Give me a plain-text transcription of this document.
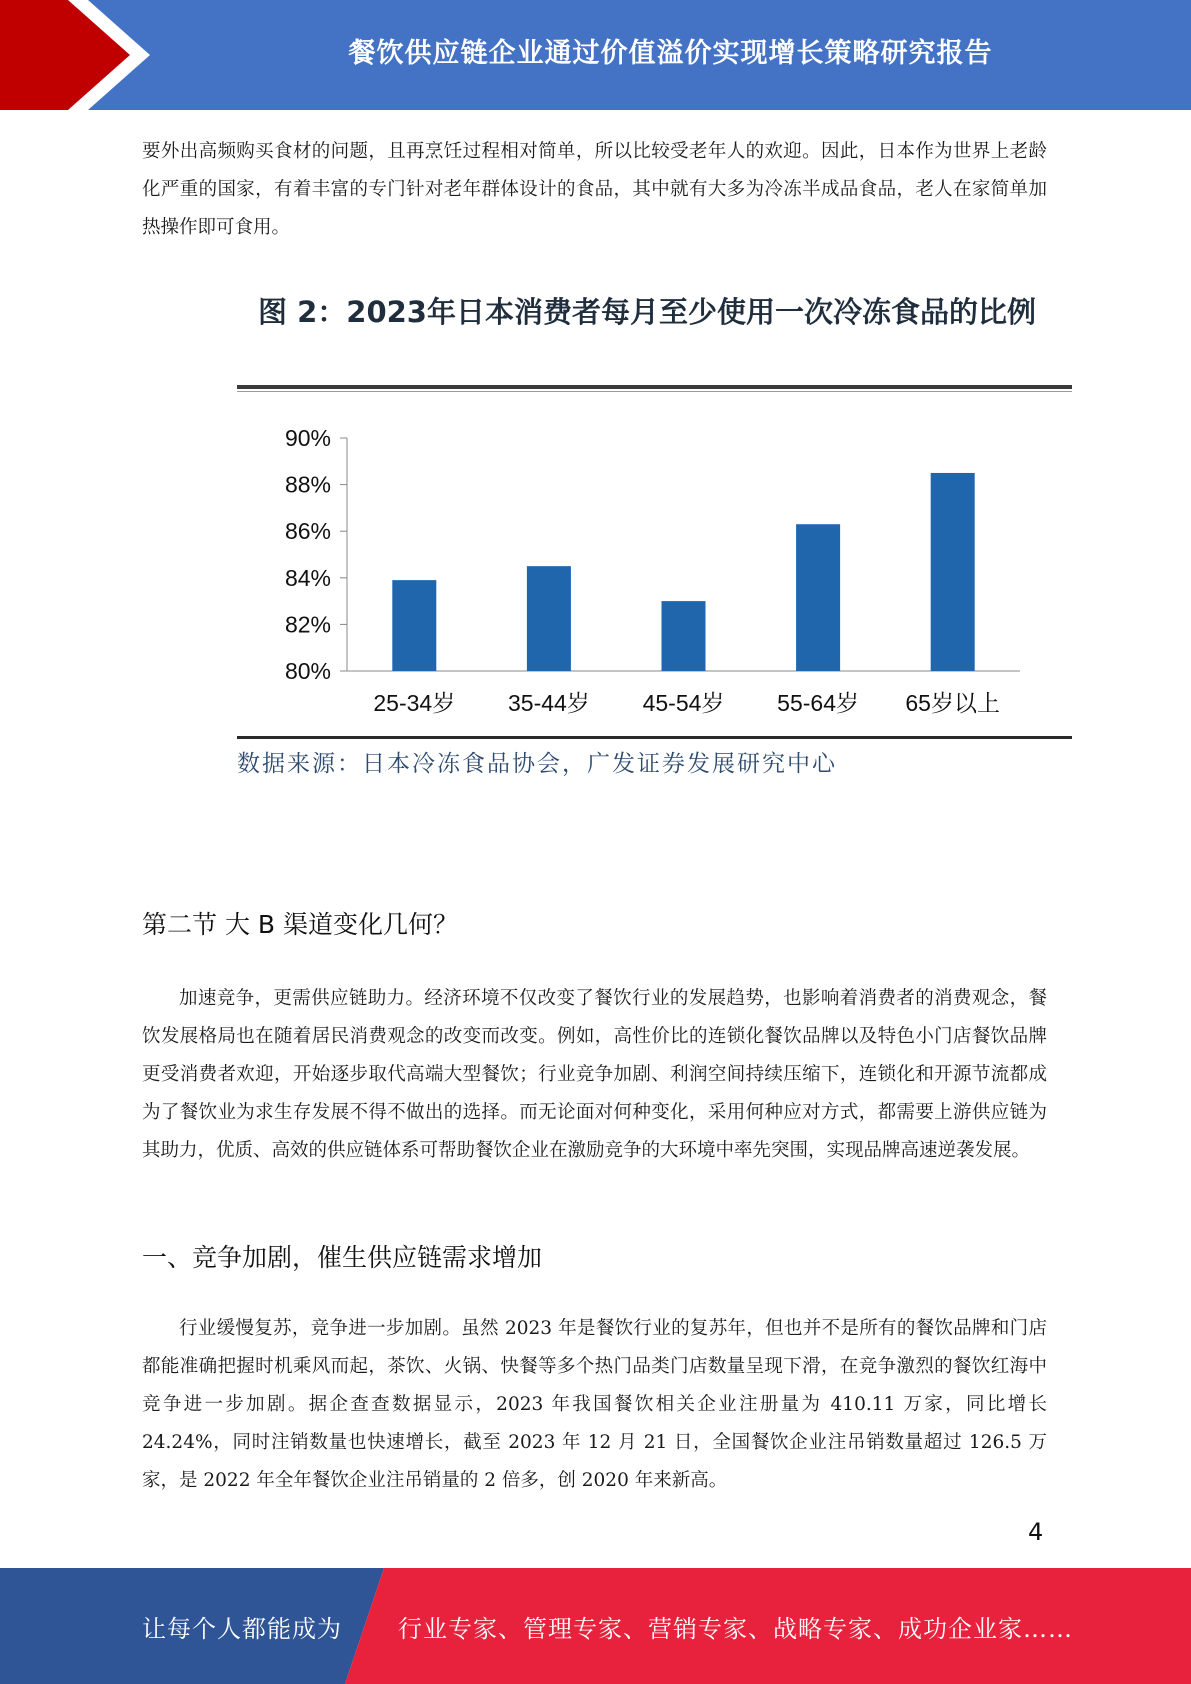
餐饮供应链企业通过价值溢价实现增长策略研究报告
要外出高频购买食材的问题，且再烹饪过程相对简单，所以比较受老年人的欢迎。因此，日本作为世界上老龄化严重的国家，有着丰富的专门针对老年群体设计的食品，其中就有大多为冷冻半成品食品，老人在家简单加热操作即可食用。
图 2：2023年日本消费者每月至少使用一次冷冻食品的比例
80%
82%
84%
86%
88%
90%
25-34岁 35-44岁 45-54岁 55-64岁 65岁以上
数据来源：日本冷冻食品协会，广发证券发展研究中心
第二节 大 B 渠道变化几何？
加速竞争，更需供应链助力。经济环境不仅改变了餐饮行业的发展趋势，也影响着消费者的消费观念，餐饮发展格局也在随着居民消费观念的改变而改变。例如，高性价比的连锁化餐饮品牌以及特色小门店餐饮品牌更受消费者欢迎，开始逐步取代高端大型餐饮；行业竞争加剧、利润空间持续压缩下，连锁化和开源节流都成为了餐饮业为求生存发展不得不做出的选择。而无论面对何种变化，采用何种应对方式，都需要上游供应链为其助力，优质、高效的供应链体系可帮助餐饮企业在激励竞争的大环境中率先突围，实现品牌高速逆袭发展。
一、竞争加剧，催生供应链需求增加
行业缓慢复苏，竞争进一步加剧。虽然 2023 年是餐饮行业的复苏年，但也并不是所有的餐饮品牌和门店都能准确把握时机乘风而起，茶饮、火锅、快餐等多个热门品类门店数量呈现下滑，在竞争激烈的餐饮红海中竞争进一步加剧。据企查查数据显示，2023 年我国餐饮相关企业注册量为 410.11 万家，同比增长 24.24%，同时注销数量也快速增长，截至 2023 年 12 月 21 日，全国餐饮企业注吊销数量超过 126.5 万家，是 2022 年全年餐饮企业注吊销量的 2 倍多，创 2020 年来新高。
4
让每个人都能成为 行业专家、管理专家、营销专家、战略专家、成功企业家……
